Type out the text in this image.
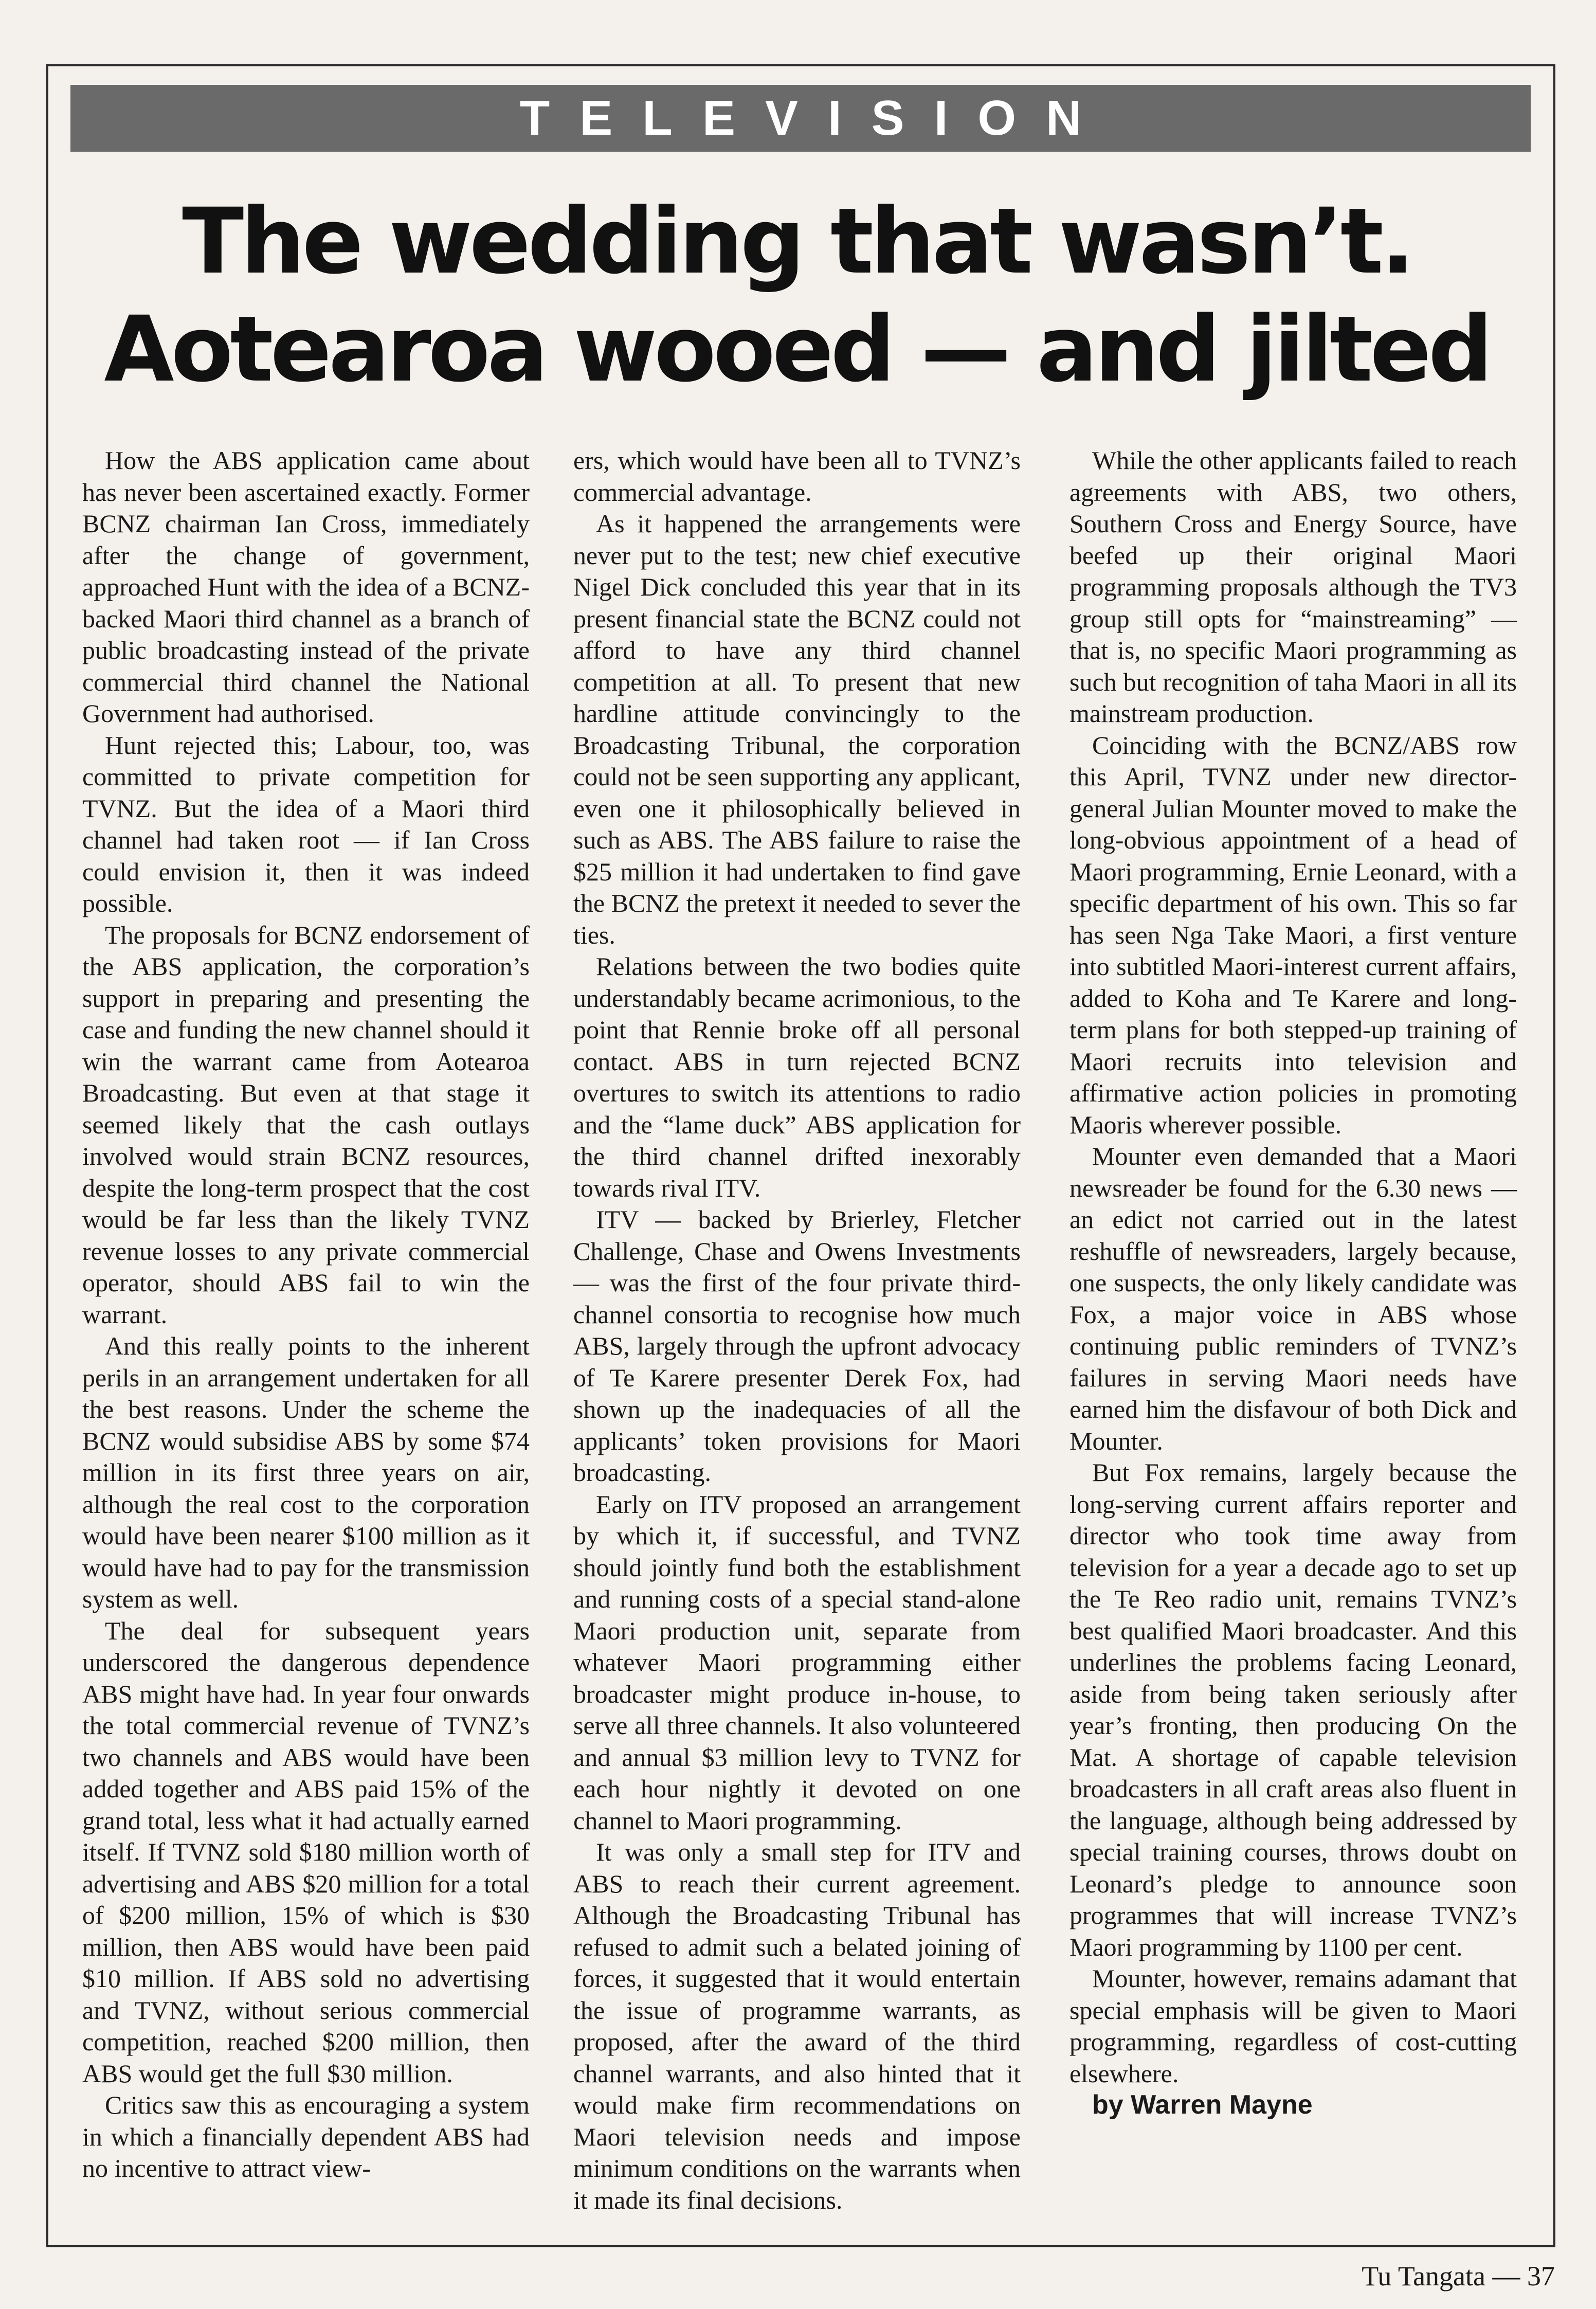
TELEVISION
The wedding that wasn’t.
Aotearoa wooed — and jilted

How the ABS application came about has never been ascertained exactly. Former BCNZ chairman Ian Cross, immediately after the change of government, approached Hunt with the idea of a BCNZ-backed Maori third channel as a branch of public broadcasting instead of the private commercial third channel the National Government had authorised.

Hunt rejected this; Labour, too, was committed to private competition for TVNZ. But the idea of a Maori third channel had taken root — if Ian Cross could envision it, then it was indeed possible.

The proposals for BCNZ endorsement of the ABS application, the corporation’s support in preparing and presenting the case and funding the new channel should it win the warrant came from Aotearoa Broadcasting. But even at that stage it seemed likely that the cash outlays involved would strain BCNZ resources, despite the long-term prospect that the cost would be far less than the likely TVNZ revenue losses to any private commercial operator, should ABS fail to win the warrant.

And this really points to the inherent perils in an arrangement undertaken for all the best reasons. Under the scheme the BCNZ would subsidise ABS by some $74 million in its first three years on air, although the real cost to the corporation would have been nearer $100 million as it would have had to pay for the transmission system as well.

The deal for subsequent years underscored the dangerous dependence ABS might have had. In year four onwards the total commercial revenue of TVNZ’s two channels and ABS would have been added together and ABS paid 15% of the grand total, less what it had actually earned itself. If TVNZ sold $180 million worth of advertising and ABS $20 million for a total of $200 million, 15% of which is $30 million, then ABS would have been paid $10 million. If ABS sold no advertising and TVNZ, without serious commercial competition, reached $200 million, then ABS would get the full $30 million.

Critics saw this as encouraging a system in which a financially dependent ABS had no incentive to attract view-

ers, which would have been all to TVNZ’s commercial advantage.

As it happened the arrangements were never put to the test; new chief executive Nigel Dick concluded this year that in its present financial state the BCNZ could not afford to have any third channel competition at all. To present that new hardline attitude convincingly to the Broadcasting Tribunal, the corporation could not be seen supporting any applicant, even one it philosophically believed in such as ABS. The ABS failure to raise the $25 million it had undertaken to find gave the BCNZ the pretext it needed to sever the ties.

Relations between the two bodies quite understandably became acrimonious, to the point that Rennie broke off all personal contact. ABS in turn rejected BCNZ overtures to switch its attentions to radio and the “lame duck” ABS application for the third channel drifted inexorably towards rival ITV.

ITV — backed by Brierley, Fletcher Challenge, Chase and Owens Investments — was the first of the four private third-channel consortia to recognise how much ABS, largely through the upfront advocacy of Te Karere presenter Derek Fox, had shown up the inadequacies of all the applicants’ token provisions for Maori broadcasting.

Early on ITV proposed an arrangement by which it, if successful, and TVNZ should jointly fund both the establishment and running costs of a special stand-alone Maori production unit, separate from whatever Maori programming either broadcaster might produce in-house, to serve all three channels. It also volunteered and annual $3 million levy to TVNZ for each hour nightly it devoted on one channel to Maori programming.

It was only a small step for ITV and ABS to reach their current agreement. Although the Broadcasting Tribunal has refused to admit such a belated joining of forces, it suggested that it would entertain the issue of programme warrants, as proposed, after the award of the third channel warrants, and also hinted that it would make firm recommendations on Maori television needs and impose minimum conditions on the warrants when it made its final decisions.

While the other applicants failed to reach agreements with ABS, two others, Southern Cross and Energy Source, have beefed up their original Maori programming proposals although the TV3 group still opts for “mainstreaming” — that is, no specific Maori programming as such but recognition of taha Maori in all its mainstream production.

Coinciding with the BCNZ/ABS row this April, TVNZ under new director-general Julian Mounter moved to make the long-obvious appointment of a head of Maori programming, Ernie Leonard, with a specific department of his own. This so far has seen Nga Take Maori, a first venture into subtitled Maori-interest current affairs, added to Koha and Te Karere and long-term plans for both stepped-up training of Maori recruits into television and affirmative action policies in promoting Maoris wherever possible.

Mounter even demanded that a Maori newsreader be found for the 6.30 news — an edict not carried out in the latest reshuffle of newsreaders, largely because, one suspects, the only likely candidate was Fox, a major voice in ABS whose continuing public reminders of TVNZ’s failures in serving Maori needs have earned him the disfavour of both Dick and Mounter.

But Fox remains, largely because the long-serving current affairs reporter and director who took time away from television for a year a decade ago to set up the Te Reo radio unit, remains TVNZ’s best qualified Maori broadcaster. And this underlines the problems facing Leonard, aside from being taken seriously after year’s fronting, then producing On the Mat. A shortage of capable television broadcasters in all craft areas also fluent in the language, although being addressed by special training courses, throws doubt on Leonard’s pledge to announce soon programmes that will increase TVNZ’s Maori programming by 1100 per cent.

Mounter, however, remains adamant that special emphasis will be given to Maori programming, regardless of cost-cutting elsewhere.

by Warren Mayne

Tu Tangata — 37
